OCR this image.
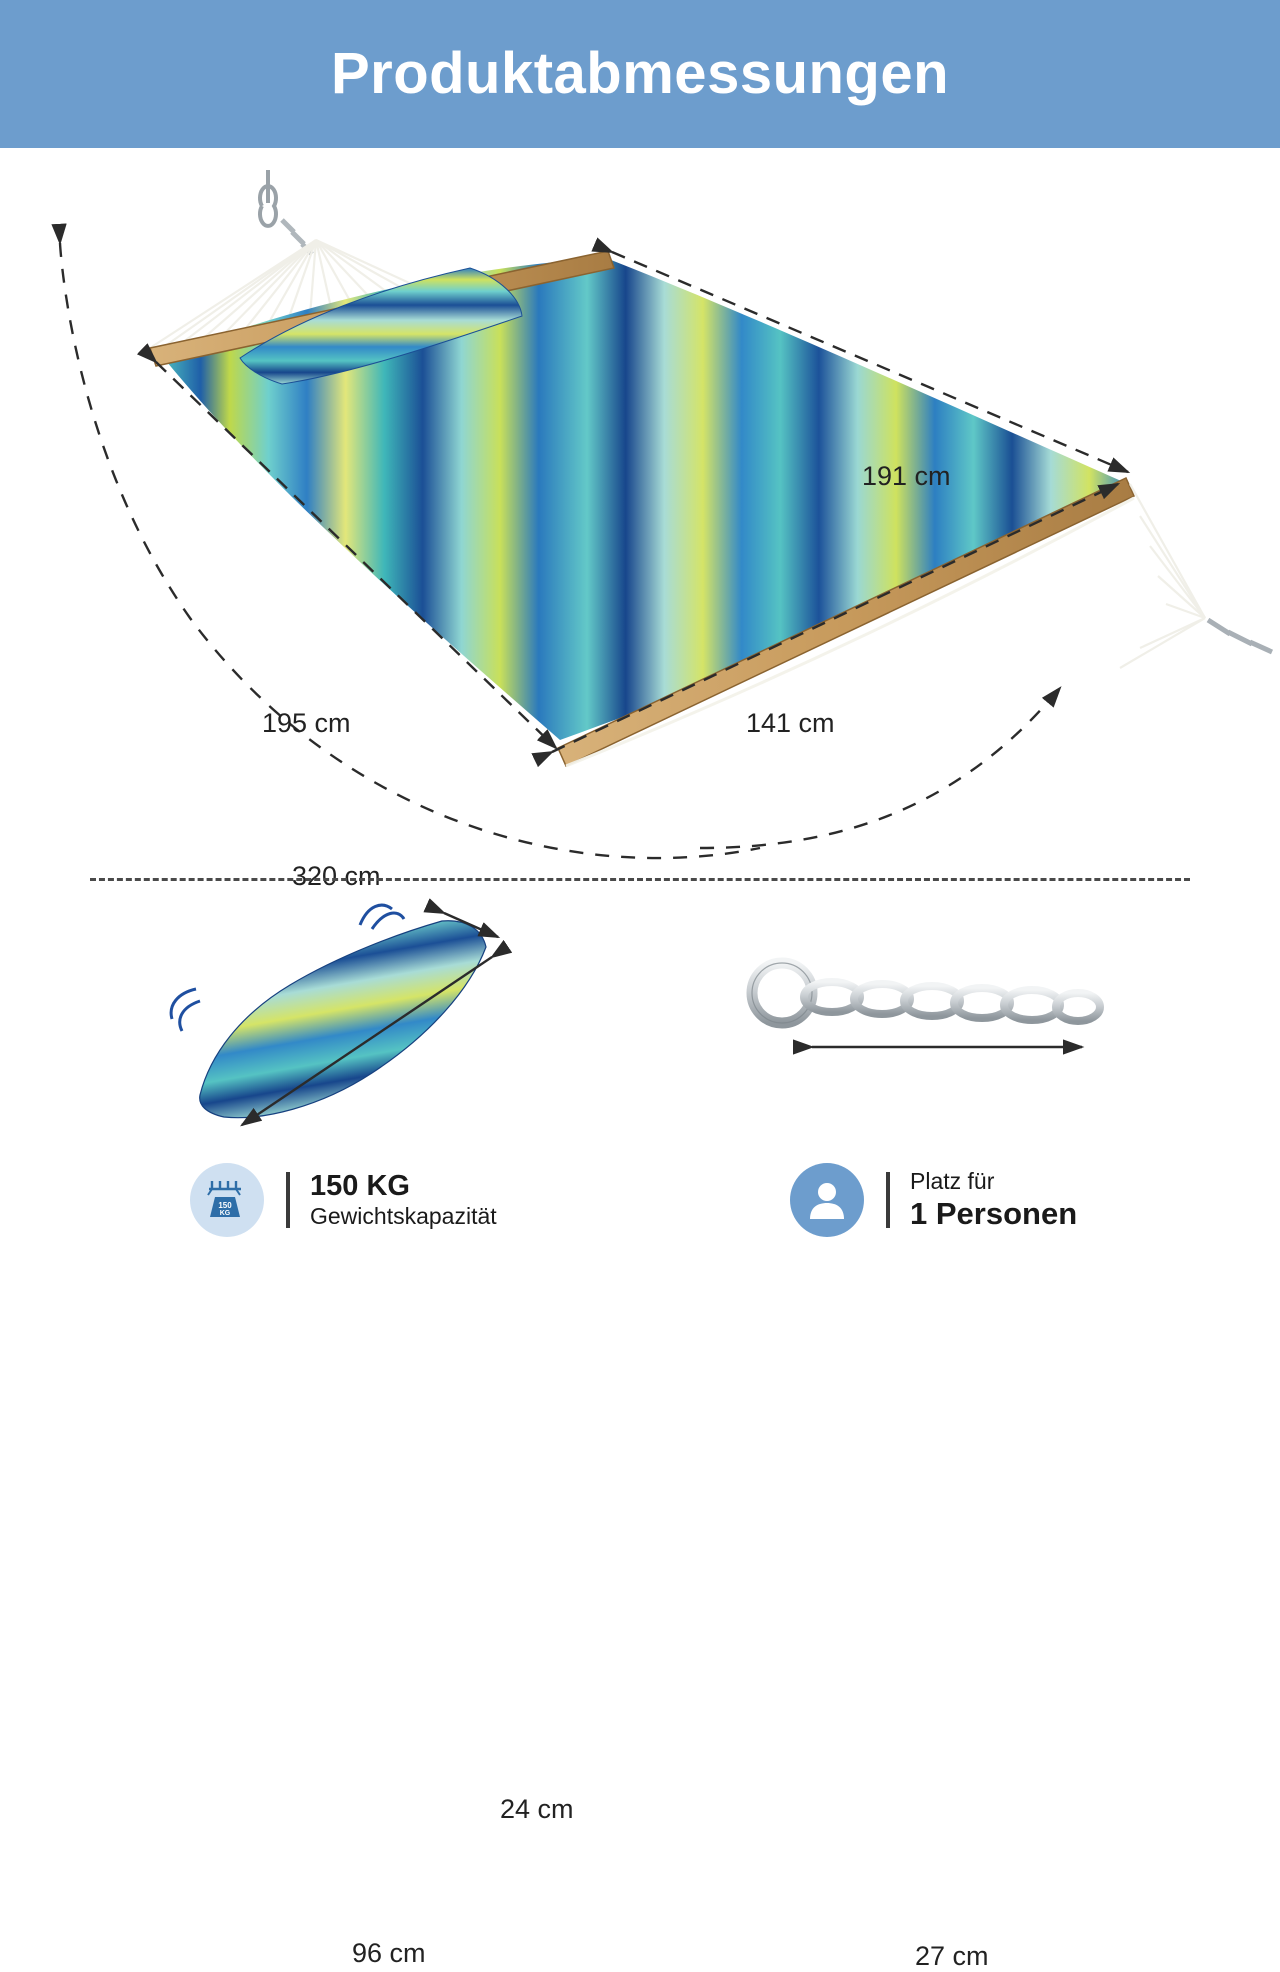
Produktabmessungen
191 cm
141 cm
195 cm
320 cm
24 cm
96 cm	27 cm
150
KG
150 KG
Gewichtskapazität
Platz für
1 Personen
